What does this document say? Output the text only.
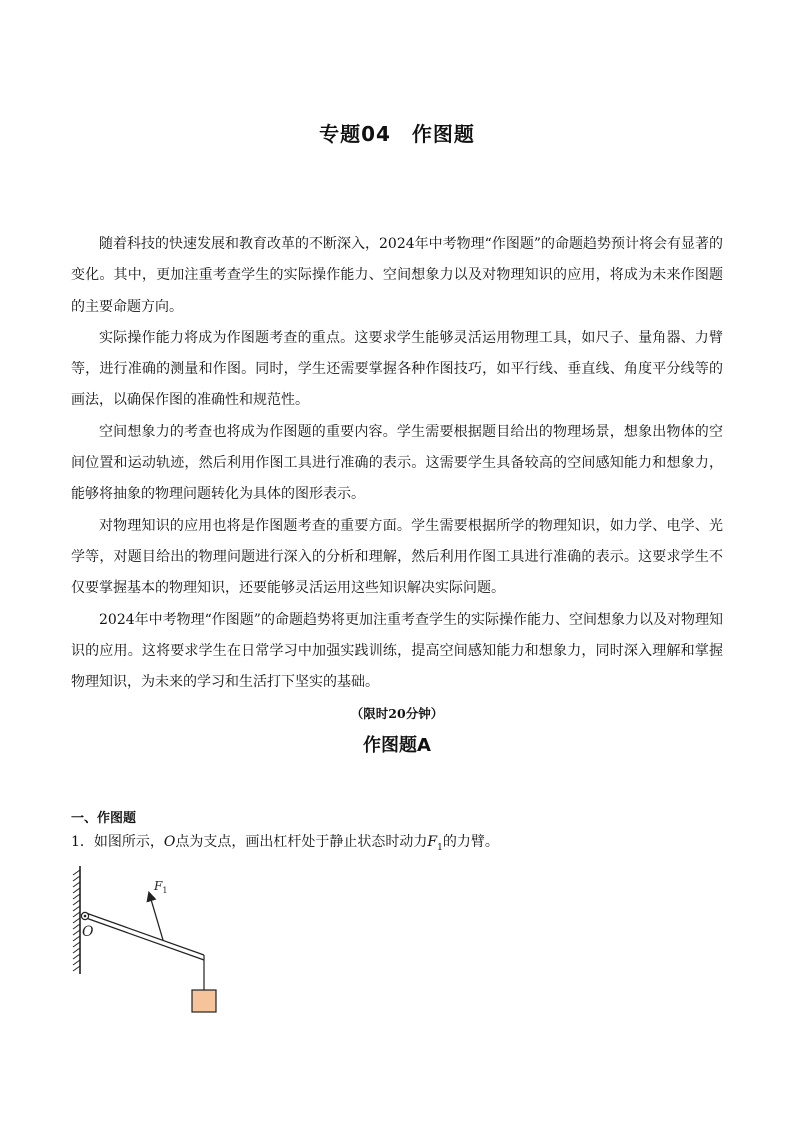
专题04　作图题

随着科技的快速发展和教育改革的不断深入，2024年中考物理“作图题”的命题趋势预计将会有显著的变化。其中，更加注重考查学生的实际操作能力、空间想象力以及对物理知识的应用，将成为未来作图题的主要命题方向。

实际操作能力将成为作图题考查的重点。这要求学生能够灵活运用物理工具，如尺子、量角器、力臂等，进行准确的测量和作图。同时，学生还需要掌握各种作图技巧，如平行线、垂直线、角度平分线等的画法，以确保作图的准确性和规范性。

空间想象力的考查也将成为作图题的重要内容。学生需要根据题目给出的物理场景，想象出物体的空间位置和运动轨迹，然后利用作图工具进行准确的表示。这需要学生具备较高的空间感知能力和想象力，能够将抽象的物理问题转化为具体的图形表示。

对物理知识的应用也将是作图题考查的重要方面。学生需要根据所学的物理知识，如力学、电学、光学等，对题目给出的物理问题进行深入的分析和理解，然后利用作图工具进行准确的表示。这要求学生不仅要掌握基本的物理知识，还要能够灵活运用这些知识解决实际问题。

2024年中考物理“作图题”的命题趋势将更加注重考查学生的实际操作能力、空间想象力以及对物理知识的应用。这将要求学生在日常学习中加强实践训练，提高空间感知能力和想象力，同时深入理解和掌握物理知识，为未来的学习和生活打下坚实的基础。

（限时20分钟）
作图题A
一、作图题
1．如图所示，O点为支点，画出杠杆处于静止状态时动力$F_1$的力臂。
O
$F_1$
